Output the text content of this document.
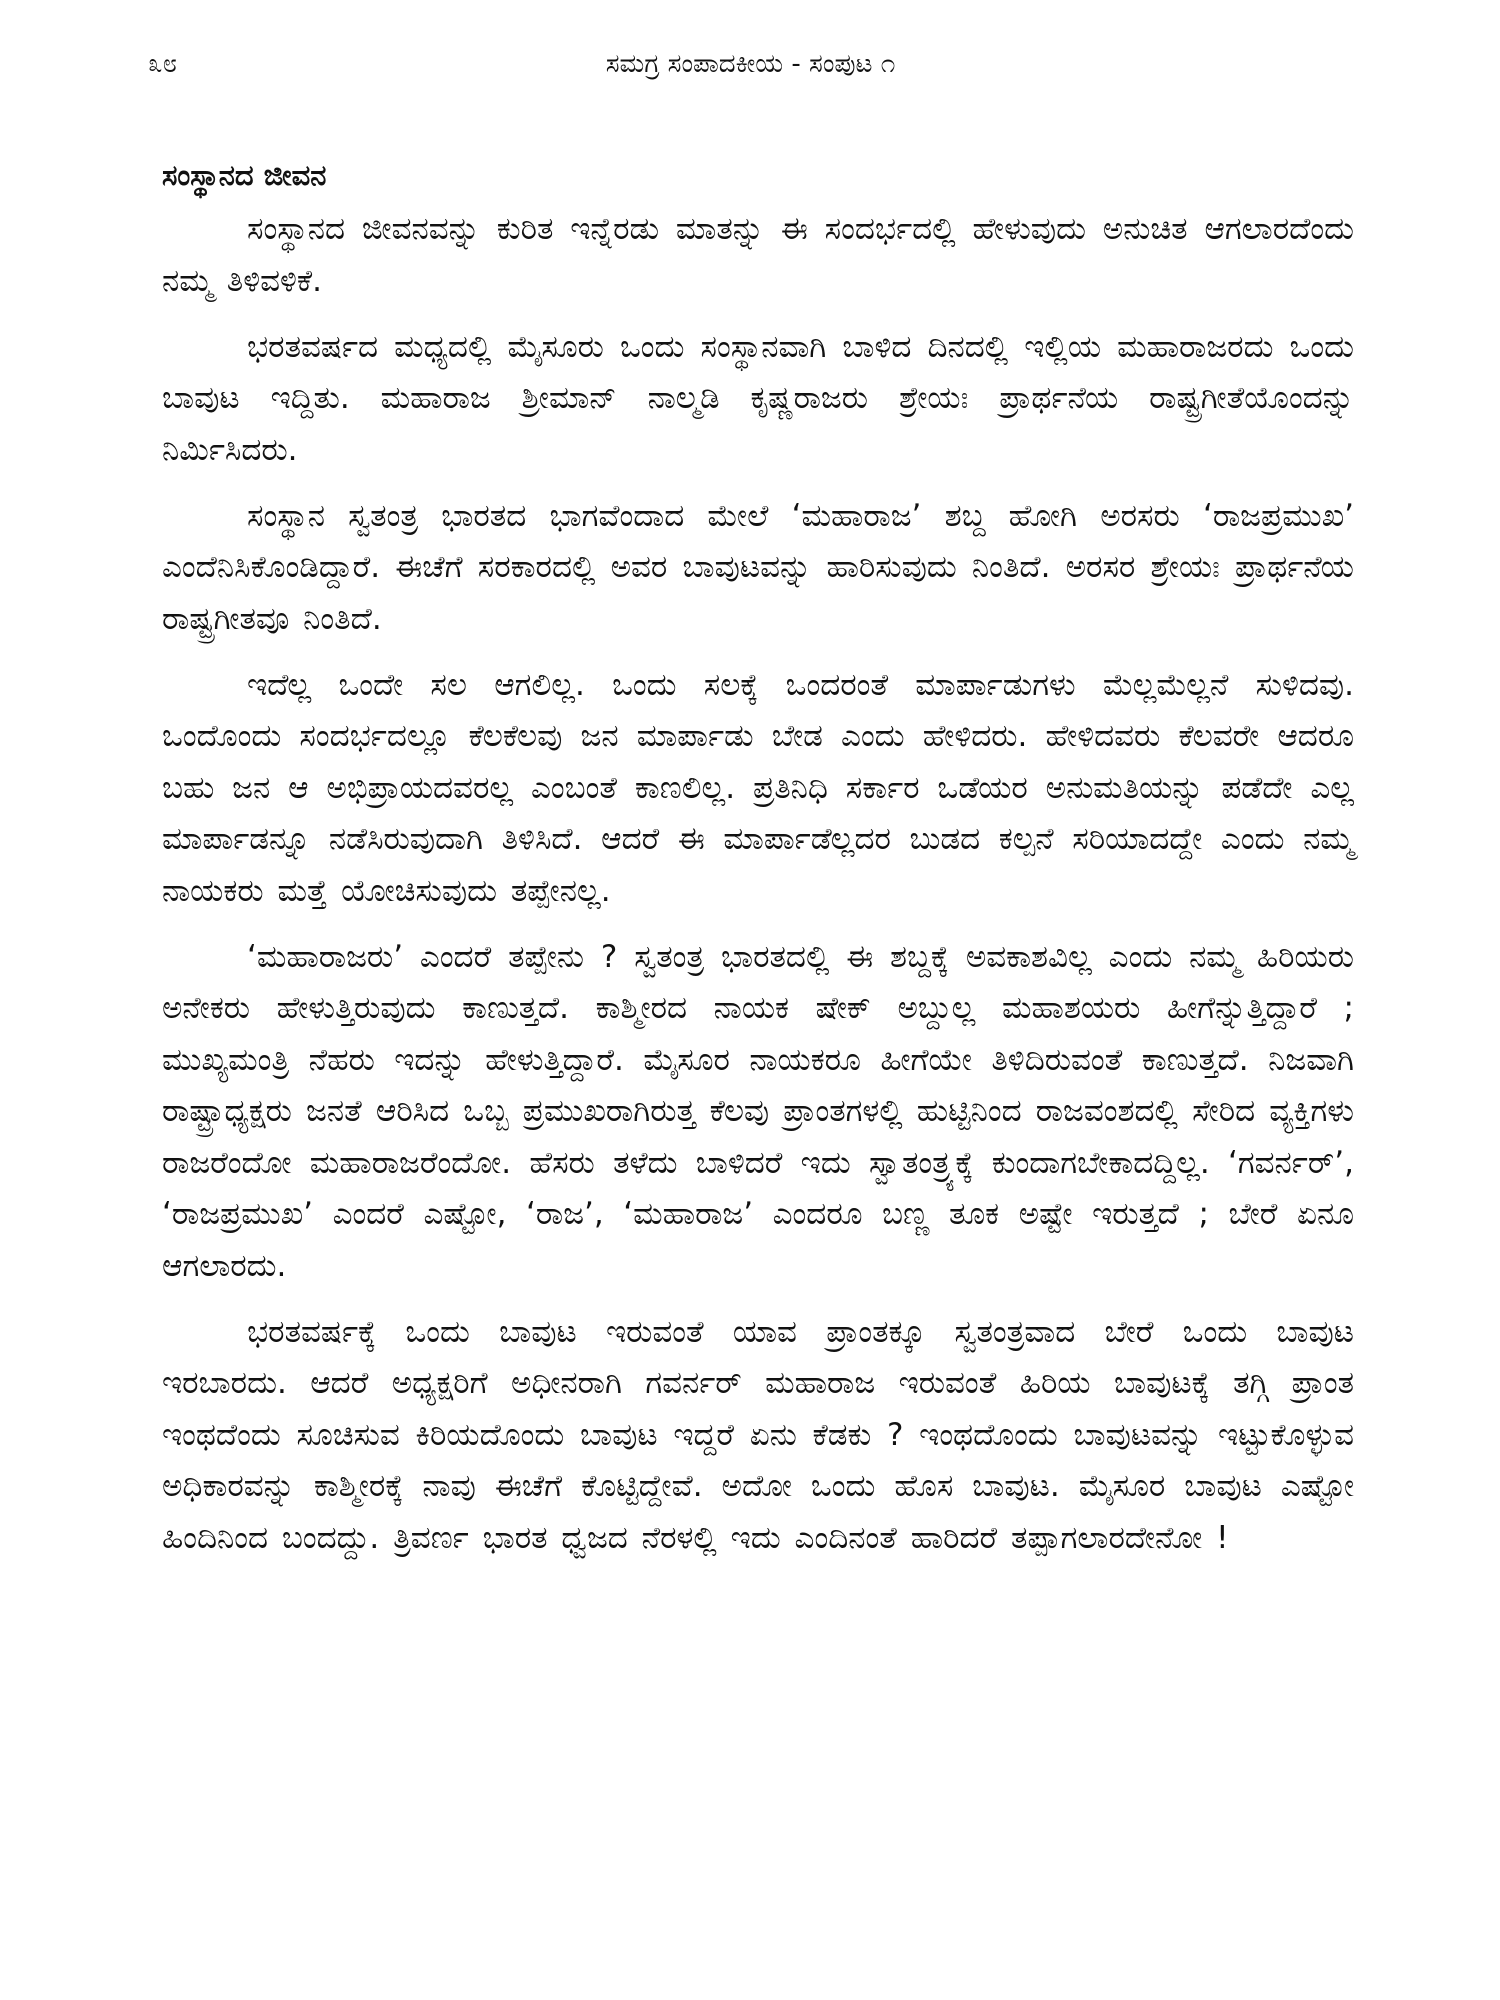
೩೮	ಸಮಗ್ರ ಸಂಪಾದಕೀಯ - ಸಂಪುಟ ೧
ಸಂಸ್ಥಾನದ ಜೀವನ

ಸಂಸ್ಥಾನದ ಜೀವನವನ್ನು ಕುರಿತ ಇನ್ನೆರಡು ಮಾತನ್ನು ಈ ಸಂದರ್ಭದಲ್ಲಿ ಹೇಳುವುದು ಅನುಚಿತ ಆಗಲಾರದೆಂದು ನಮ್ಮ ತಿಳಿವಳಿಕೆ.

ಭರತವರ್ಷದ ಮಧ್ಯದಲ್ಲಿ ಮೈಸೂರು ಒಂದು ಸಂಸ್ಥಾನವಾಗಿ ಬಾಳಿದ ದಿನದಲ್ಲಿ ಇಲ್ಲಿಯ ಮಹಾರಾಜರದು ಒಂದು ಬಾವುಟ ಇದ್ದಿತು. ಮಹಾರಾಜ ಶ್ರೀಮಾನ್ ನಾಲ್ಮಡಿ ಕೃಷ್ಣರಾಜರು ಶ್ರೇಯಃ ಪ್ರಾರ್ಥನೆಯ ರಾಷ್ಟ್ರಗೀತೆಯೊಂದನ್ನು ನಿರ್ಮಿಸಿದರು.

ಸಂಸ್ಥಾನ ಸ್ವತಂತ್ರ ಭಾರತದ ಭಾಗವೆಂದಾದ ಮೇಲೆ ‘ಮಹಾರಾಜ’ ಶಬ್ದ ಹೋಗಿ ಅರಸರು ‘ರಾಜಪ್ರಮುಖ’ ಎಂದೆನಿಸಿಕೊಂಡಿದ್ದಾರೆ. ಈಚೆಗೆ ಸರಕಾರದಲ್ಲಿ ಅವರ ಬಾವುಟವನ್ನು ಹಾರಿಸುವುದು ನಿಂತಿದೆ. ಅರಸರ ಶ್ರೇಯಃ ಪ್ರಾರ್ಥನೆಯ ರಾಷ್ಟ್ರಗೀತವೂ ನಿಂತಿದೆ.

ಇದೆಲ್ಲ ಒಂದೇ ಸಲ ಆಗಲಿಲ್ಲ. ಒಂದು ಸಲಕ್ಕೆ ಒಂದರಂತೆ ಮಾರ್ಪಾಡುಗಳು ಮೆಲ್ಲಮೆಲ್ಲನೆ ಸುಳಿದವು. ಒಂದೊಂದು ಸಂದರ್ಭದಲ್ಲೂ ಕೆಲಕೆಲವು ಜನ ಮಾರ್ಪಾಡು ಬೇಡ ಎಂದು ಹೇಳಿದರು. ಹೇಳಿದವರು ಕೆಲವರೇ ಆದರೂ ಬಹು ಜನ ಆ ಅಭಿಪ್ರಾಯದವರಲ್ಲ ಎಂಬಂತೆ ಕಾಣಲಿಲ್ಲ. ಪ್ರತಿನಿಧಿ ಸರ್ಕಾರ ಒಡೆಯರ ಅನುಮತಿಯನ್ನು ಪಡೆದೇ ಎಲ್ಲ ಮಾರ್ಪಾಡನ್ನೂ ನಡೆಸಿರುವುದಾಗಿ ತಿಳಿಸಿದೆ. ಆದರೆ ಈ ಮಾರ್ಪಾಡೆಲ್ಲದರ ಬುಡದ ಕಲ್ಪನೆ ಸರಿಯಾದದ್ದೇ ಎಂದು ನಮ್ಮ ನಾಯಕರು ಮತ್ತೆ ಯೋಚಿಸುವುದು ತಪ್ಪೇನಲ್ಲ.

‘ಮಹಾರಾಜರು’ ಎಂದರೆ ತಪ್ಪೇನು ? ಸ್ವತಂತ್ರ ಭಾರತದಲ್ಲಿ ಈ ಶಬ್ದಕ್ಕೆ ಅವಕಾಶವಿಲ್ಲ ಎಂದು ನಮ್ಮ ಹಿರಿಯರು ಅನೇಕರು ಹೇಳುತ್ತಿರುವುದು ಕಾಣುತ್ತದೆ. ಕಾಶ್ಮೀರದ ನಾಯಕ ಷೇಕ್ ಅಬ್ದುಲ್ಲ ಮಹಾಶಯರು ಹೀಗೆನ್ನುತ್ತಿದ್ದಾರೆ ; ಮುಖ್ಯಮಂತ್ರಿ ನೆಹರು ಇದನ್ನು ಹೇಳುತ್ತಿದ್ದಾರೆ. ಮೈಸೂರ ನಾಯಕರೂ ಹೀಗೆಯೇ ತಿಳಿದಿರುವಂತೆ ಕಾಣುತ್ತದೆ. ನಿಜವಾಗಿ ರಾಷ್ಟ್ರಾಧ್ಯಕ್ಷರು ಜನತೆ ಆರಿಸಿದ ಒಬ್ಬ ಪ್ರಮುಖರಾಗಿರುತ್ತ ಕೆಲವು ಪ್ರಾಂತಗಳಲ್ಲಿ ಹುಟ್ಟಿನಿಂದ ರಾಜವಂಶದಲ್ಲಿ ಸೇರಿದ ವ್ಯಕ್ತಿಗಳು ರಾಜರೆಂದೋ ಮಹಾರಾಜರೆಂದೋ. ಹೆಸರು ತಳೆದು ಬಾಳಿದರೆ ಇದು ಸ್ವಾತಂತ್ರ್ಯಕ್ಕೆ ಕುಂದಾಗಬೇಕಾದದ್ದಿಲ್ಲ. ‘ಗವರ್ನರ್’, ‘ರಾಜಪ್ರಮುಖ’ ಎಂದರೆ ಎಷ್ಟೋ, ‘ರಾಜ’, ‘ಮಹಾರಾಜ’ ಎಂದರೂ ಬಣ್ಣ ತೂಕ ಅಷ್ಟೇ ಇರುತ್ತದೆ ; ಬೇರೆ ಏನೂ ಆಗಲಾರದು.

ಭರತವರ್ಷಕ್ಕೆ ಒಂದು ಬಾವುಟ ಇರುವಂತೆ ಯಾವ ಪ್ರಾಂತಕ್ಕೂ ಸ್ವತಂತ್ರವಾದ ಬೇರೆ ಒಂದು ಬಾವುಟ ಇರಬಾರದು. ಆದರೆ ಅಧ್ಯಕ್ಷರಿಗೆ ಅಧೀನರಾಗಿ ಗವರ್ನರ್ ಮಹಾರಾಜ ಇರುವಂತೆ ಹಿರಿಯ ಬಾವುಟಕ್ಕೆ ತಗ್ಗಿ ಪ್ರಾಂತ ಇಂಥದೆಂದು ಸೂಚಿಸುವ ಕಿರಿಯದೊಂದು ಬಾವುಟ ಇದ್ದರೆ ಏನು ಕೆಡಕು ? ಇಂಥದೊಂದು ಬಾವುಟವನ್ನು ಇಟ್ಟುಕೊಳ್ಳುವ ಅಧಿಕಾರವನ್ನು ಕಾಶ್ಮೀರಕ್ಕೆ ನಾವು ಈಚೆಗೆ ಕೊಟ್ಟಿದ್ದೇವೆ. ಅದೋ ಒಂದು ಹೊಸ ಬಾವುಟ. ಮೈಸೂರ ಬಾವುಟ ಎಷ್ಟೋ ಹಿಂದಿನಿಂದ ಬಂದದ್ದು. ತ್ರಿವರ್ಣ ಭಾರತ ಧ್ವಜದ ನೆರಳಲ್ಲಿ ಇದು ಎಂದಿನಂತೆ ಹಾರಿದರೆ ತಪ್ಪಾಗಲಾರದೇನೋ !
